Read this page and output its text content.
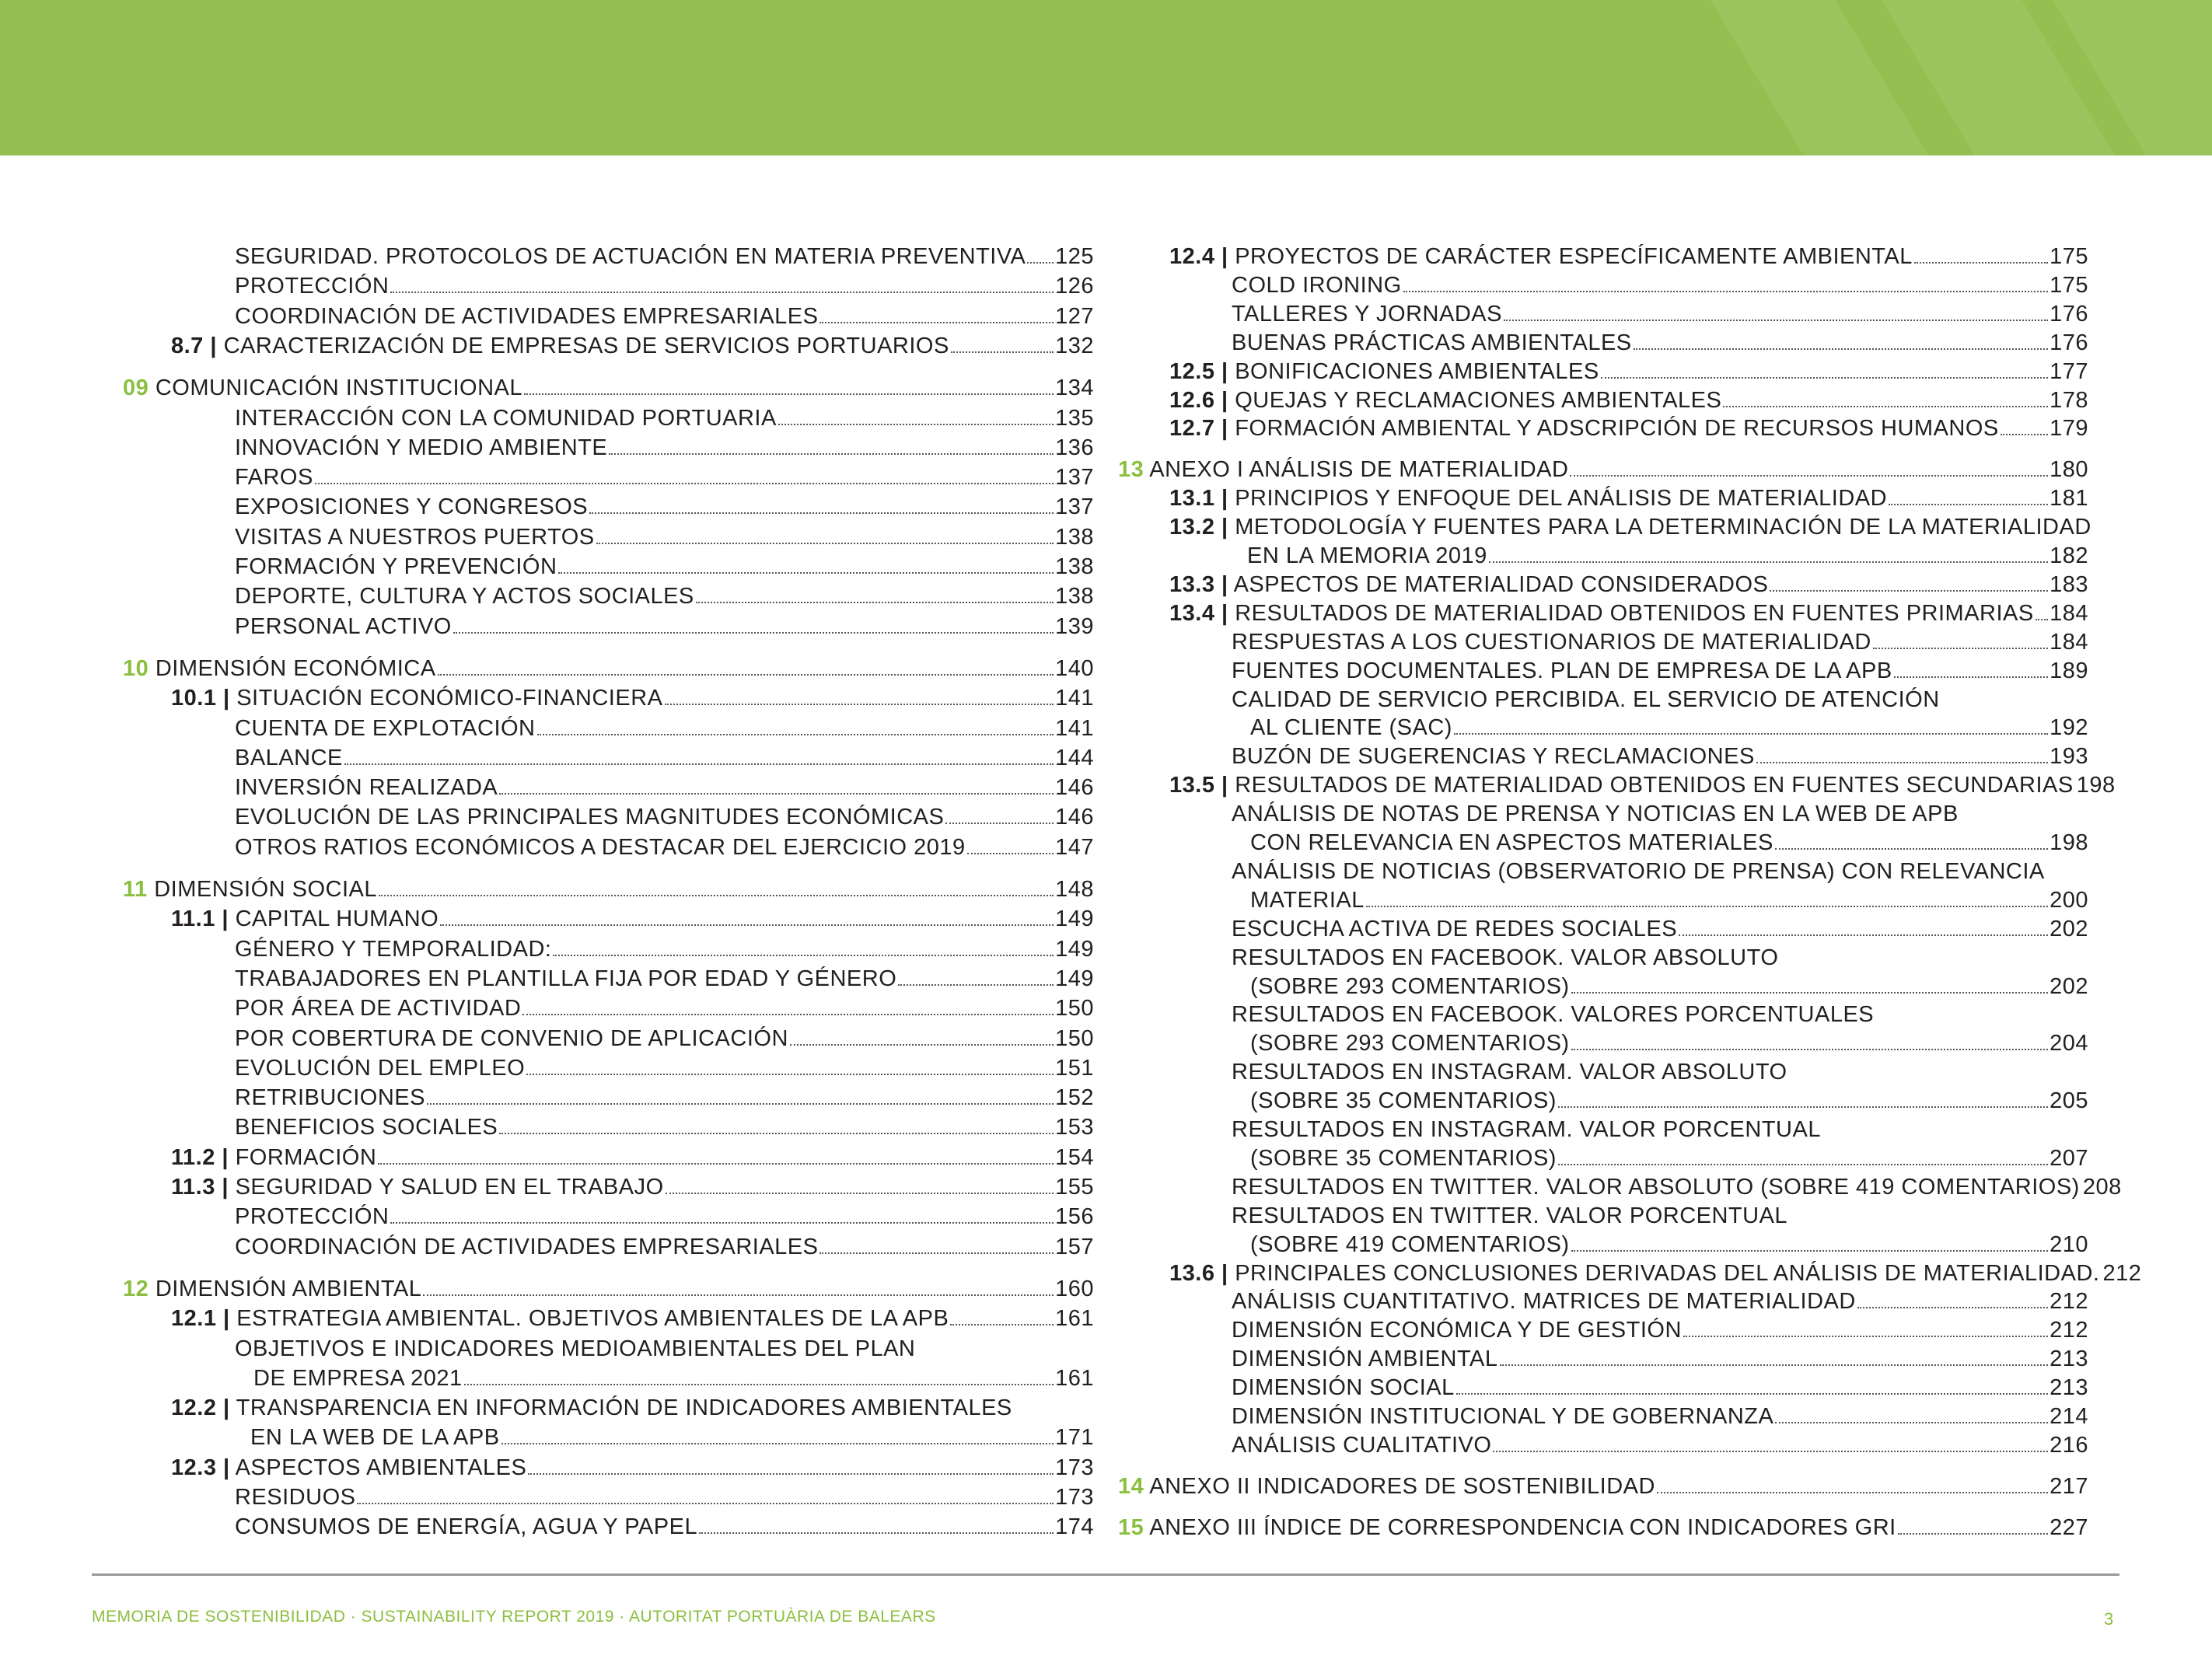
SEGURIDAD. PROTOCOLOS DE ACTUACIÓN EN MATERIA PREVENTIVA 125
PROTECCIÓN	126
COORDINACIÓN DE ACTIVIDADES EMPRESARIALES	127
8.7 | CARACTERIZACIÓN DE EMPRESAS DE SERVICIOS PORTUARIOS	132
09 COMUNICACIÓN INSTITUCIONAL	134
INTERACCIÓN CON LA COMUNIDAD PORTUARIA	135
INNOVACIÓN Y MEDIO AMBIENTE	136
FAROS	137
EXPOSICIONES Y CONGRESOS	137
VISITAS A NUESTROS PUERTOS	138
FORMACIÓN Y PREVENCIÓN	138
DEPORTE, CULTURA Y ACTOS SOCIALES	138
PERSONAL ACTIVO	139
10 DIMENSIÓN ECONÓMICA	140
10.1 | SITUACIÓN ECONÓMICO-FINANCIERA	141
CUENTA DE EXPLOTACIÓN	141
BALANCE	144
INVERSIÓN REALIZADA	146
EVOLUCIÓN DE LAS PRINCIPALES MAGNITUDES ECONÓMICAS	146
OTROS RATIOS ECONÓMICOS A DESTACAR DEL EJERCICIO 2019	147
11 DIMENSIÓN SOCIAL	148
11.1 | CAPITAL HUMANO	149
GÉNERO Y TEMPORALIDAD:	149
TRABAJADORES EN PLANTILLA FIJA POR EDAD Y GÉNERO	149
POR ÁREA DE ACTIVIDAD	150
POR COBERTURA DE CONVENIO DE APLICACIÓN	150
EVOLUCIÓN DEL EMPLEO	151
RETRIBUCIONES	152
BENEFICIOS SOCIALES	153
11.2 | FORMACIÓN	154
11.3 | SEGURIDAD Y SALUD EN EL TRABAJO	155
PROTECCIÓN	156
COORDINACIÓN DE ACTIVIDADES EMPRESARIALES	157
12 DIMENSIÓN AMBIENTAL	160
12.1 | ESTRATEGIA AMBIENTAL. OBJETIVOS AMBIENTALES DE LA APB	161
OBJETIVOS E INDICADORES MEDIOAMBIENTALES DEL PLAN
DE EMPRESA 2021	161
12.2 | TRANSPARENCIA EN INFORMACIÓN DE INDICADORES AMBIENTALES
EN LA WEB DE LA APB	171
12.3 | ASPECTOS AMBIENTALES	173
RESIDUOS	173
CONSUMOS DE ENERGÍA, AGUA Y PAPEL	174
12.4 | PROYECTOS DE CARÁCTER ESPECÍFICAMENTE AMBIENTAL	175
COLD IRONING	175
TALLERES Y JORNADAS	176
BUENAS PRÁCTICAS AMBIENTALES	176
12.5 | BONIFICACIONES AMBIENTALES	177
12.6 | QUEJAS Y RECLAMACIONES AMBIENTALES	178
12.7 | FORMACIÓN AMBIENTAL Y ADSCRIPCIÓN DE RECURSOS HUMANOS 179
13 ANEXO I ANÁLISIS DE MATERIALIDAD	180
13.1 | PRINCIPIOS Y ENFOQUE DEL ANÁLISIS DE MATERIALIDAD	181
13.2 | METODOLOGÍA Y FUENTES PARA LA DETERMINACIÓN DE LA MATERIALIDAD
EN LA MEMORIA 2019	182
13.3 | ASPECTOS DE MATERIALIDAD CONSIDERADOS	183
13.4 | RESULTADOS DE MATERIALIDAD OBTENIDOS EN FUENTES PRIMARIAS 184
RESPUESTAS A LOS CUESTIONARIOS DE MATERIALIDAD	184
FUENTES DOCUMENTALES. PLAN DE EMPRESA DE LA APB	189
CALIDAD DE SERVICIO PERCIBIDA. EL SERVICIO DE ATENCIÓN
AL CLIENTE (SAC)	192
BUZÓN DE SUGERENCIAS Y RECLAMACIONES	193
13.5 | RESULTADOS DE MATERIALIDAD OBTENIDOS EN FUENTES SECUNDARIAS 198
ANÁLISIS DE NOTAS DE PRENSA Y NOTICIAS EN LA WEB DE APB
CON RELEVANCIA EN ASPECTOS MATERIALES	198
ANÁLISIS DE NOTICIAS (OBSERVATORIO DE PRENSA) CON RELEVANCIA
MATERIAL	200
ESCUCHA ACTIVA DE REDES SOCIALES	202
RESULTADOS EN FACEBOOK. VALOR ABSOLUTO
(SOBRE 293 COMENTARIOS)	202
RESULTADOS EN FACEBOOK. VALORES PORCENTUALES
(SOBRE 293 COMENTARIOS)	204
RESULTADOS EN INSTAGRAM. VALOR ABSOLUTO
(SOBRE 35 COMENTARIOS)	205
RESULTADOS EN INSTAGRAM. VALOR PORCENTUAL
(SOBRE 35 COMENTARIOS)	207
RESULTADOS EN TWITTER. VALOR ABSOLUTO (SOBRE 419 COMENTARIOS) 208
RESULTADOS EN TWITTER. VALOR PORCENTUAL
(SOBRE 419 COMENTARIOS)	210
13.6 | PRINCIPALES CONCLUSIONES DERIVADAS DEL ANÁLISIS DE MATERIALIDAD. 212
ANÁLISIS CUANTITATIVO. MATRICES DE MATERIALIDAD	212
DIMENSIÓN ECONÓMICA Y DE GESTIÓN	212
DIMENSIÓN AMBIENTAL	213
DIMENSIÓN SOCIAL	213
DIMENSIÓN INSTITUCIONAL Y DE GOBERNANZA	214
ANÁLISIS CUALITATIVO	216
14 ANEXO II INDICADORES DE SOSTENIBILIDAD	217
15 ANEXO III ÍNDICE DE CORRESPONDENCIA CON INDICADORES GRI	227
MEMORIA DE SOSTENIBILIDAD · SUSTAINABILITY REPORT 2019 · AUTORITAT PORTUÀRIA DE BALEARS	3
